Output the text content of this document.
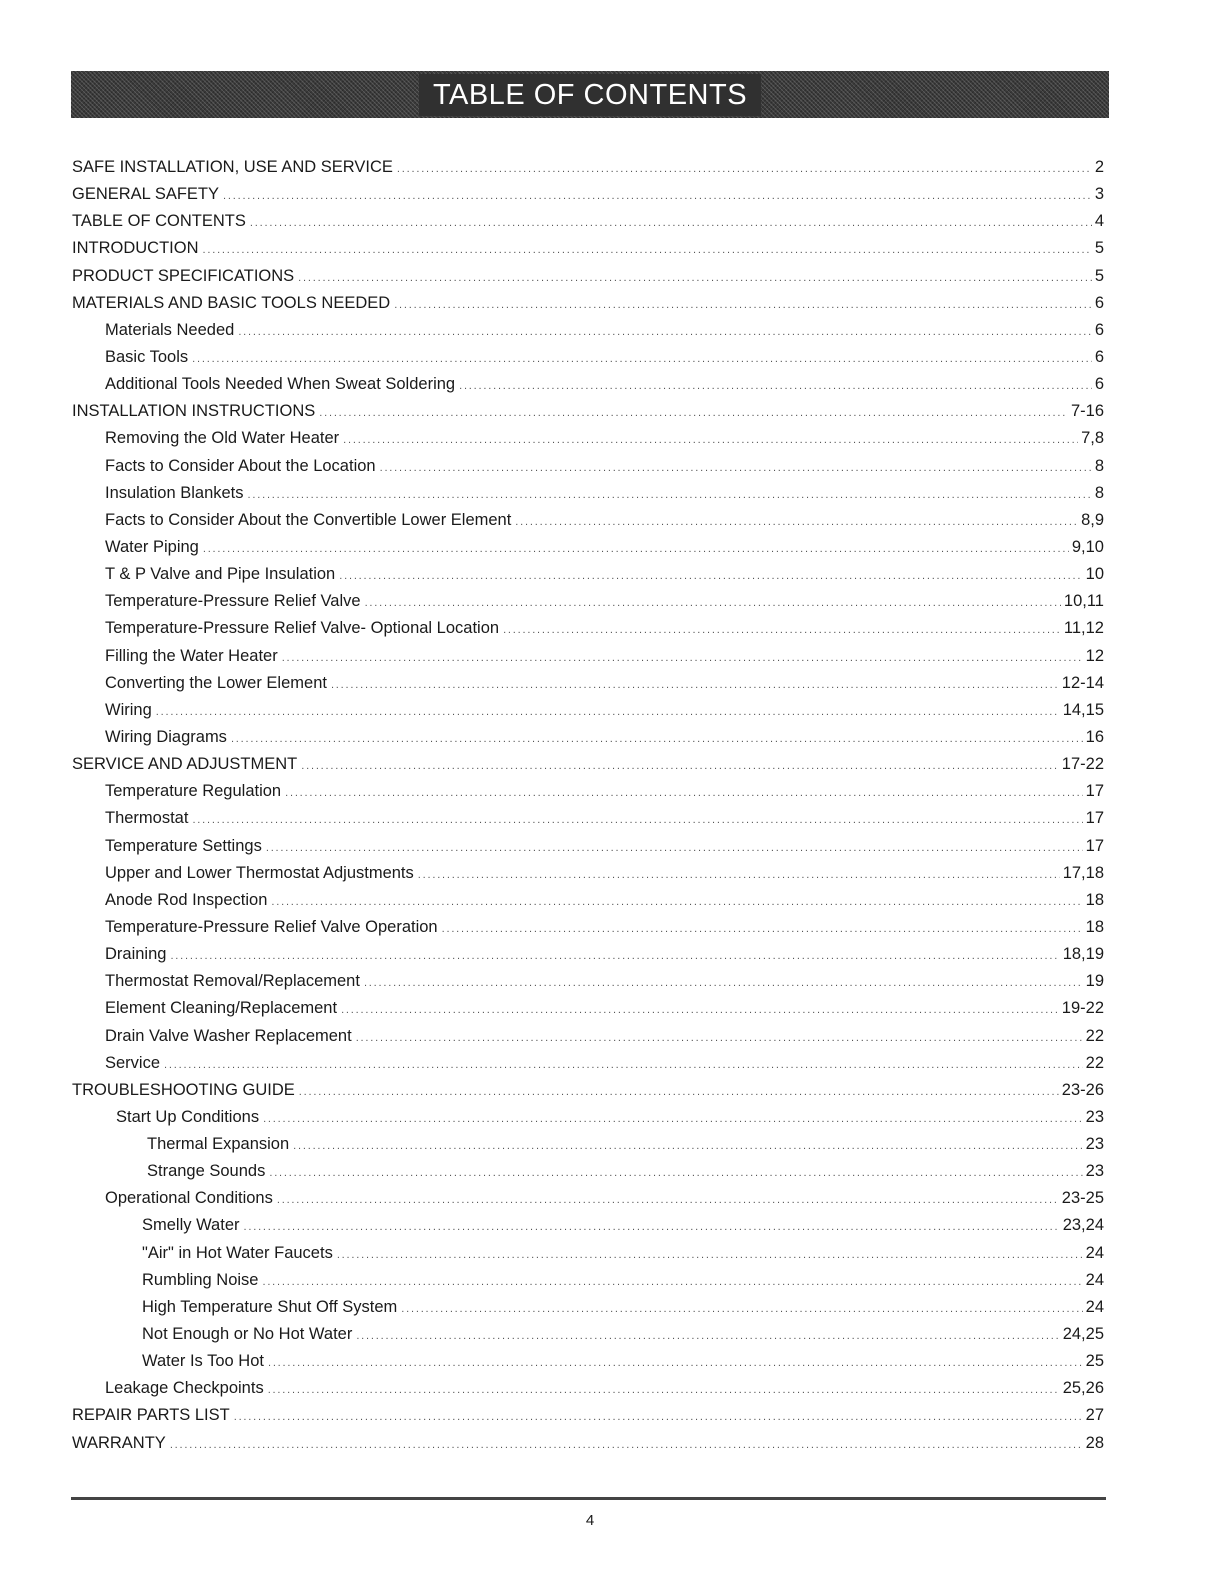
TABLE OF CONTENTS
SAFE INSTALLATION, USE AND SERVICE .....	2
GENERAL SAFETY .....	3
TABLE OF CONTENTS .....	4
INTRODUCTION .....	5
PRODUCT SPECIFICATIONS .....	5
MATERIALS AND BASIC TOOLS NEEDED .....	6
Materials Needed .....	6
Basic Tools .....	6
Additional Tools Needed When Sweat Soldering .....	6
INSTALLATION INSTRUCTIONS .....	7-16
Removing the Old Water Heater .....	7,8
Facts to Consider About the Location .....	8
Insulation Blankets .....	8
Facts to Consider About the Convertible Lower Element .....	8,9
Water Piping .....	9,10
T & P Valve and Pipe Insulation .....	10
Temperature-Pressure Relief Valve .....	10,11
Temperature-Pressure Relief Valve- Optional Location .....	11,12
Filling the Water Heater .....	12
Converting the Lower Element .....	12-14
Wiring .....	14,15
Wiring Diagrams .....	16
SERVICE AND ADJUSTMENT .....	17-22
Temperature Regulation .....	17
Thermostat .....	17
Temperature Settings .....	17
Upper and Lower Thermostat Adjustments .....	17,18
Anode Rod Inspection .....	18
Temperature-Pressure Relief Valve Operation .....	18
Draining .....	18,19
Thermostat Removal/Replacement .....	19
Element Cleaning/Replacement .....	19-22
Drain Valve Washer Replacement .....	22
Service .....	22
TROUBLESHOOTING GUIDE .....	23-26
Start Up Conditions .....	23
Thermal Expansion .....	23
Strange Sounds .....	23
Operational Conditions .....	23-25
Smelly Water .....	23,24
"Air" in Hot Water Faucets .....	24
Rumbling Noise .....	24
High Temperature Shut Off System .....	24
Not Enough or No Hot Water .....	24,25
Water Is Too Hot .....	25
Leakage Checkpoints .....	25,26
REPAIR PARTS LIST .....	27
WARRANTY .....	28
4
